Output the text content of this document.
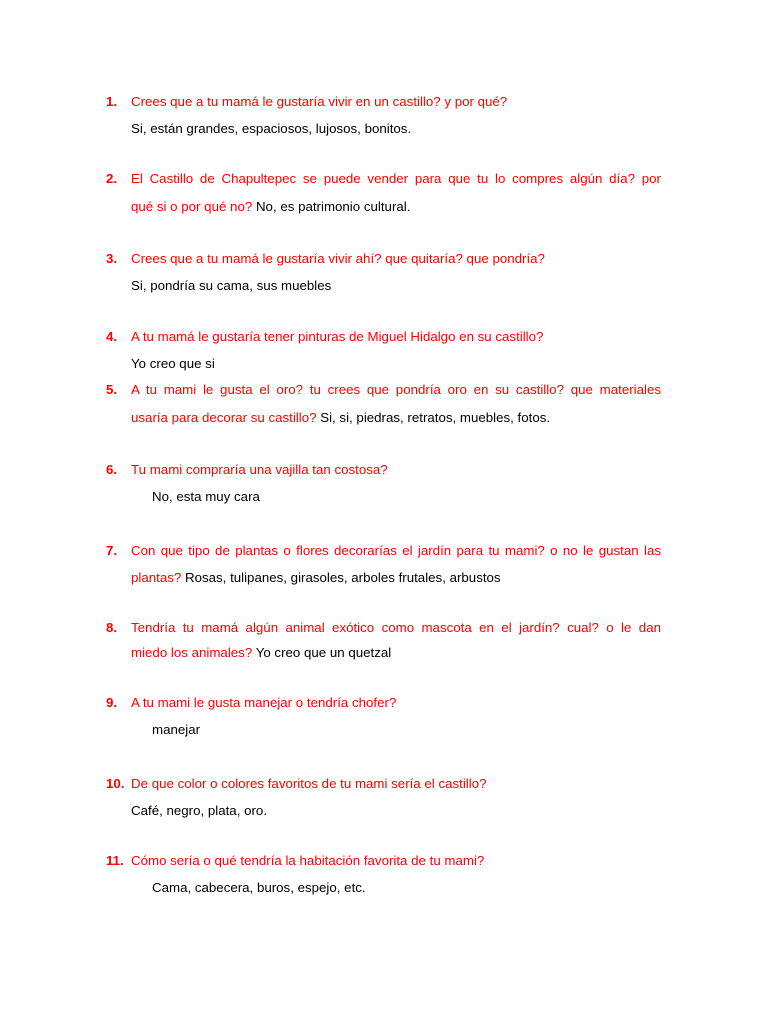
1. Crees que a tu mamá le gustaría vivir en un castillo? y por qué?
Si, están grandes, espaciosos, lujosos, bonitos.
2. El Castillo de Chapultepec se puede vender para que tu lo compres algún día? por
qué si o por qué no? No, es patrimonio cultural.
3. Crees que a tu mamá le gustaría vivir ahí? que quitaría? que pondría?
Si, pondría su cama, sus muebles
4. A tu mamá le gustaría tener pinturas de Miguel Hidalgo en su castillo?
Yo creo que si
5. A tu mami le gusta el oro? tu crees que pondría oro en su castillo? que materiales
usaría para decorar su castillo? Si, si, piedras, retratos, muebles, fotos.
6. Tu mami compraría una vajilla tan costosa?
No, esta muy cara
7. Con que tipo de plantas o flores decorarías el jardín para tu mami? o no le gustan las
plantas? Rosas, tulipanes, girasoles, arboles frutales, arbustos
8. Tendría tu mamá algún animal exótico como mascota en el jardín? cual? o le dan
miedo los animales? Yo creo que un quetzal
9. A tu mami le gusta manejar o tendría chofer?
manejar
10. De que color o colores favoritos de tu mami sería el castillo?
Café, negro, plata, oro.
11. Cómo sería o qué tendría la habitación favorita de tu mami?
Cama, cabecera, buros, espejo, etc.
